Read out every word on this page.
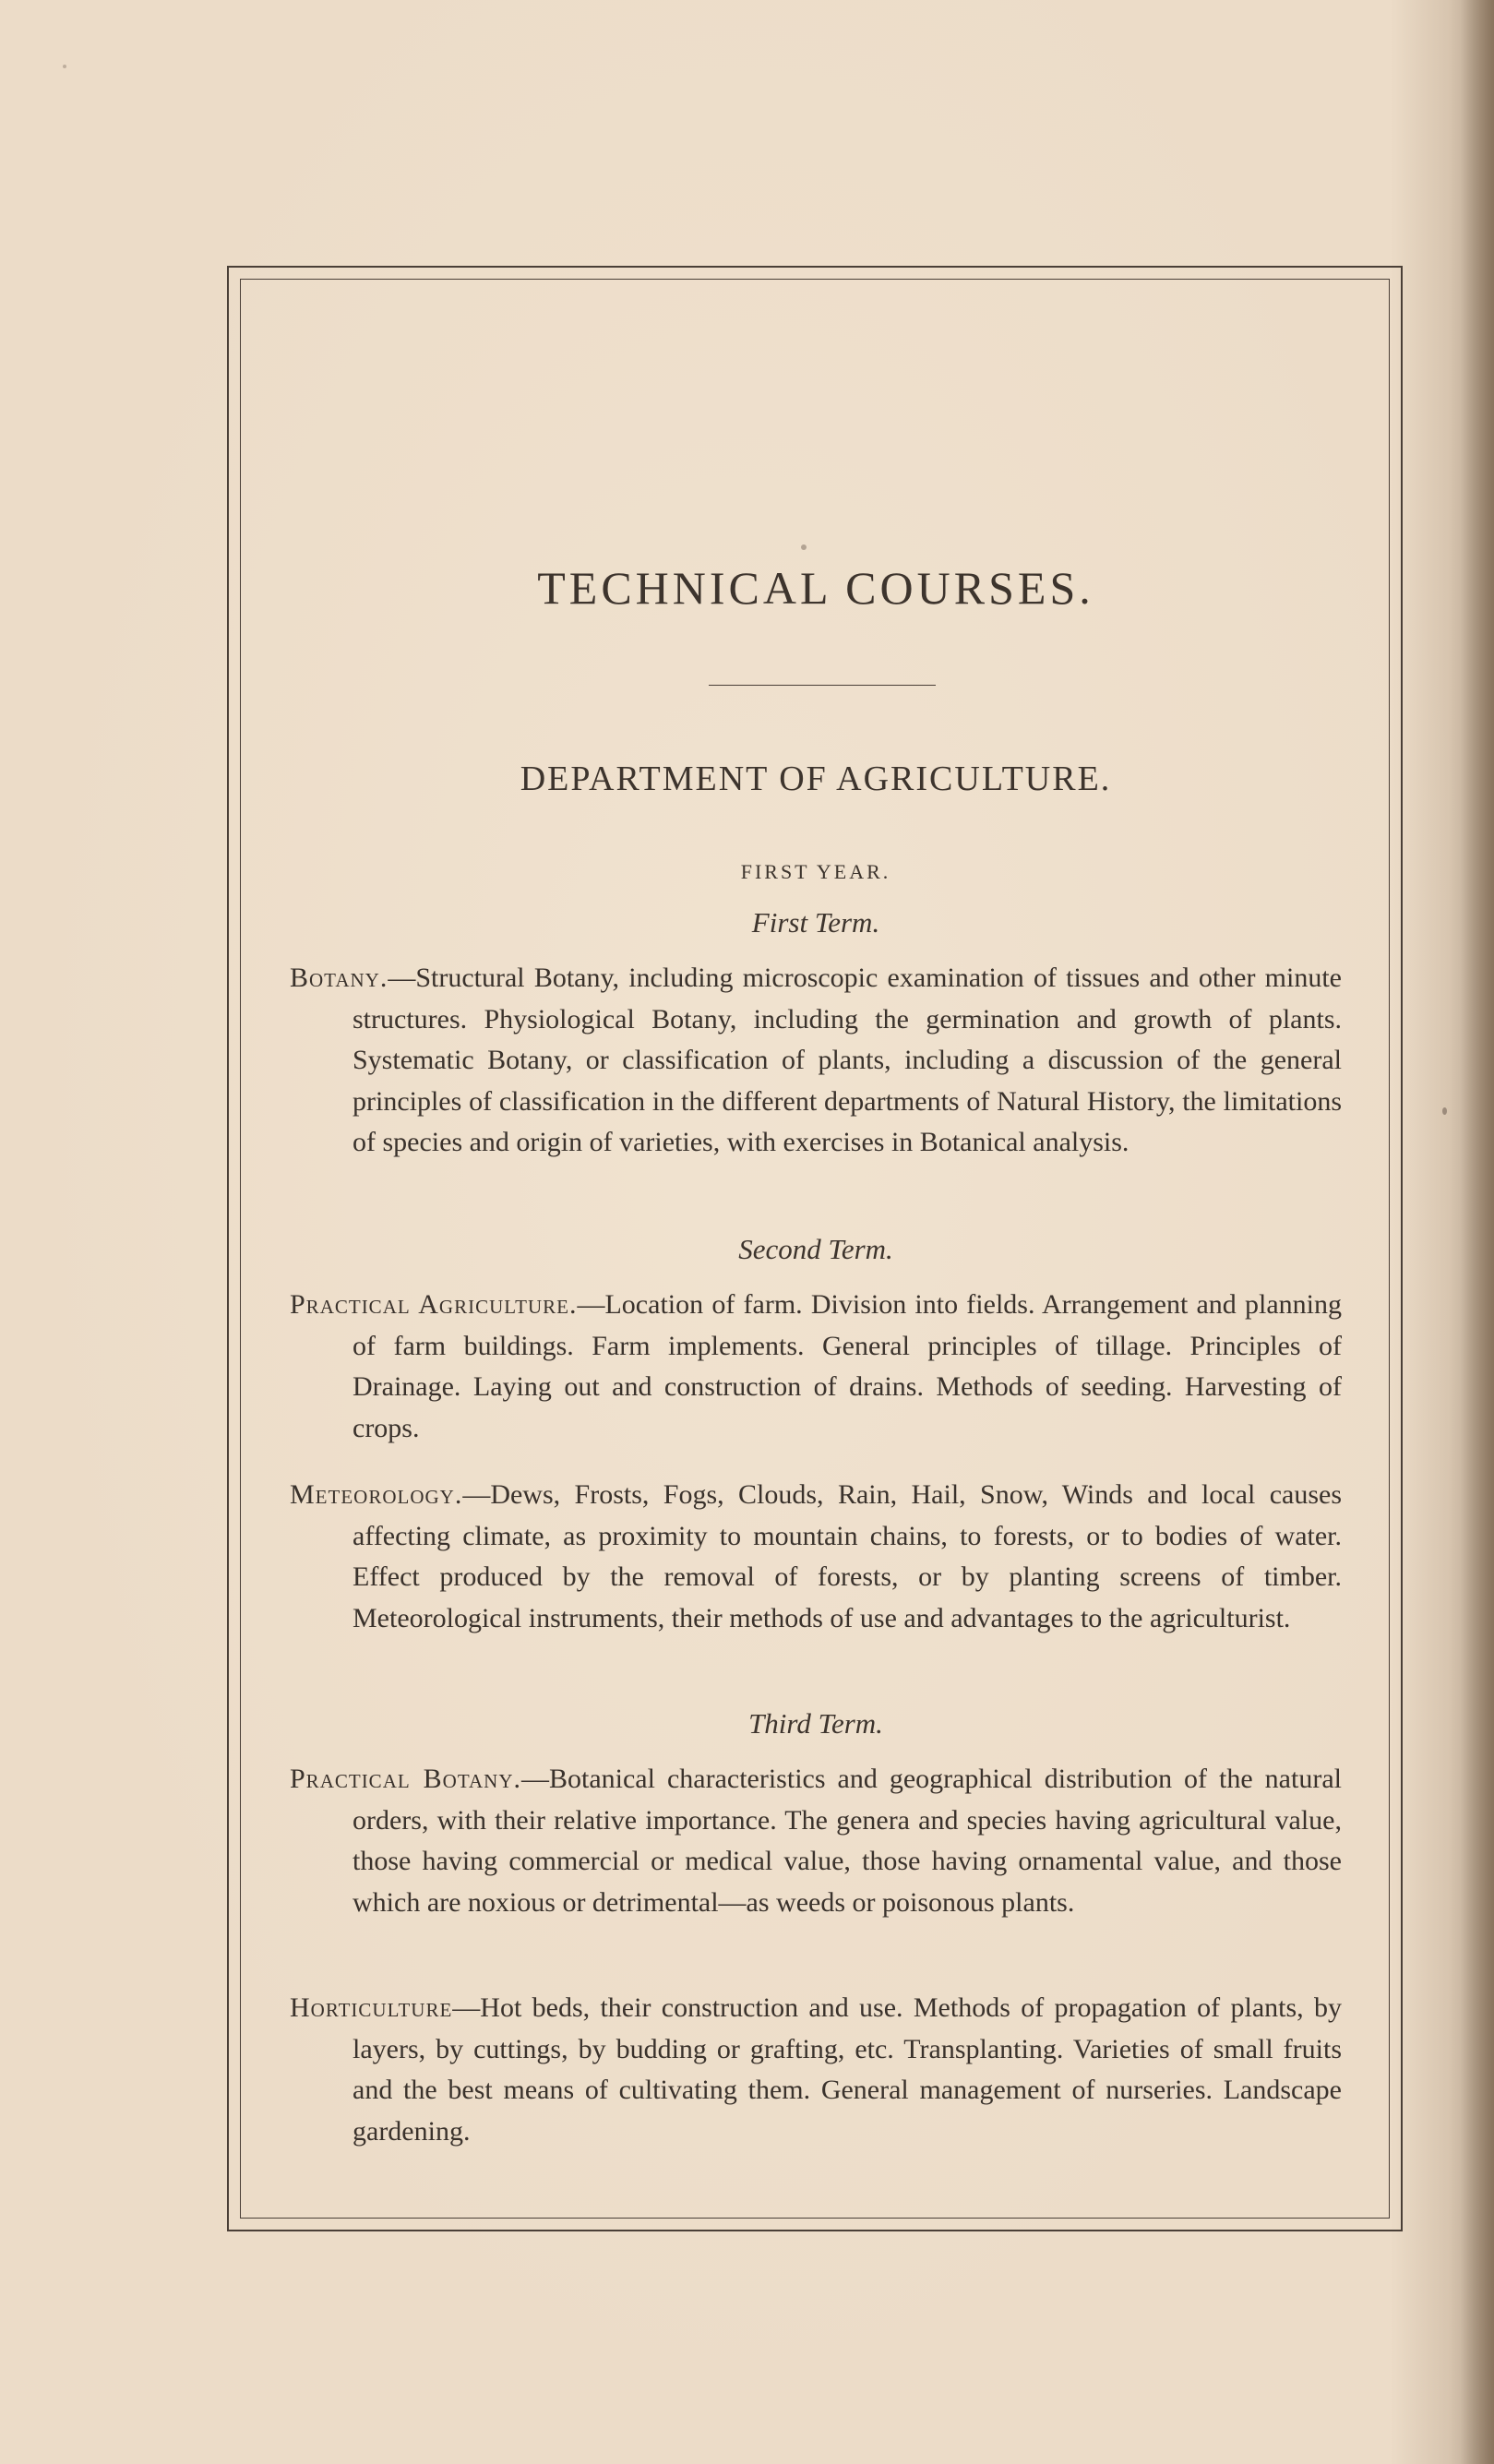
TECHNICAL COURSES.
DEPARTMENT OF AGRICULTURE.
FIRST YEAR.
First Term.
Botany.—Structural Botany, including microscopic examination of tissues and other minute structures. Physiological Botany, including the germination and growth of plants. Systematic Botany, or classification of plants, including a discussion of the general principles of classification in the different departments of Natural History, the limitations of species and origin of varieties, with exercises in Botanical analysis.
Second Term.
Practical Agriculture.—Location of farm. Division into fields. Arrangement and planning of farm buildings. Farm implements. General principles of tillage. Principles of Drainage. Laying out and construction of drains. Methods of seeding. Harvesting of crops.
Meteorology.—Dews, Frosts, Fogs, Clouds, Rain, Hail, Snow, Winds and local causes affecting climate, as proximity to mountain chains, to forests, or to bodies of water. Effect produced by the removal of forests, or by planting screens of timber. Meteorological instruments, their methods of use and advantages to the agriculturist.
Third Term.
Practical Botany.—Botanical characteristics and geographical distribution of the natural orders, with their relative importance. The genera and species having agricultural value, those having commercial or medical value, those having ornamental value, and those which are noxious or detrimental—as weeds or poisonous plants.
Horticulture—Hot beds, their construction and use. Methods of propagation of plants, by layers, by cuttings, by budding or grafting, etc. Transplanting. Varieties of small fruits and the best means of cultivating them. General management of nurseries. Landscape gardening.
